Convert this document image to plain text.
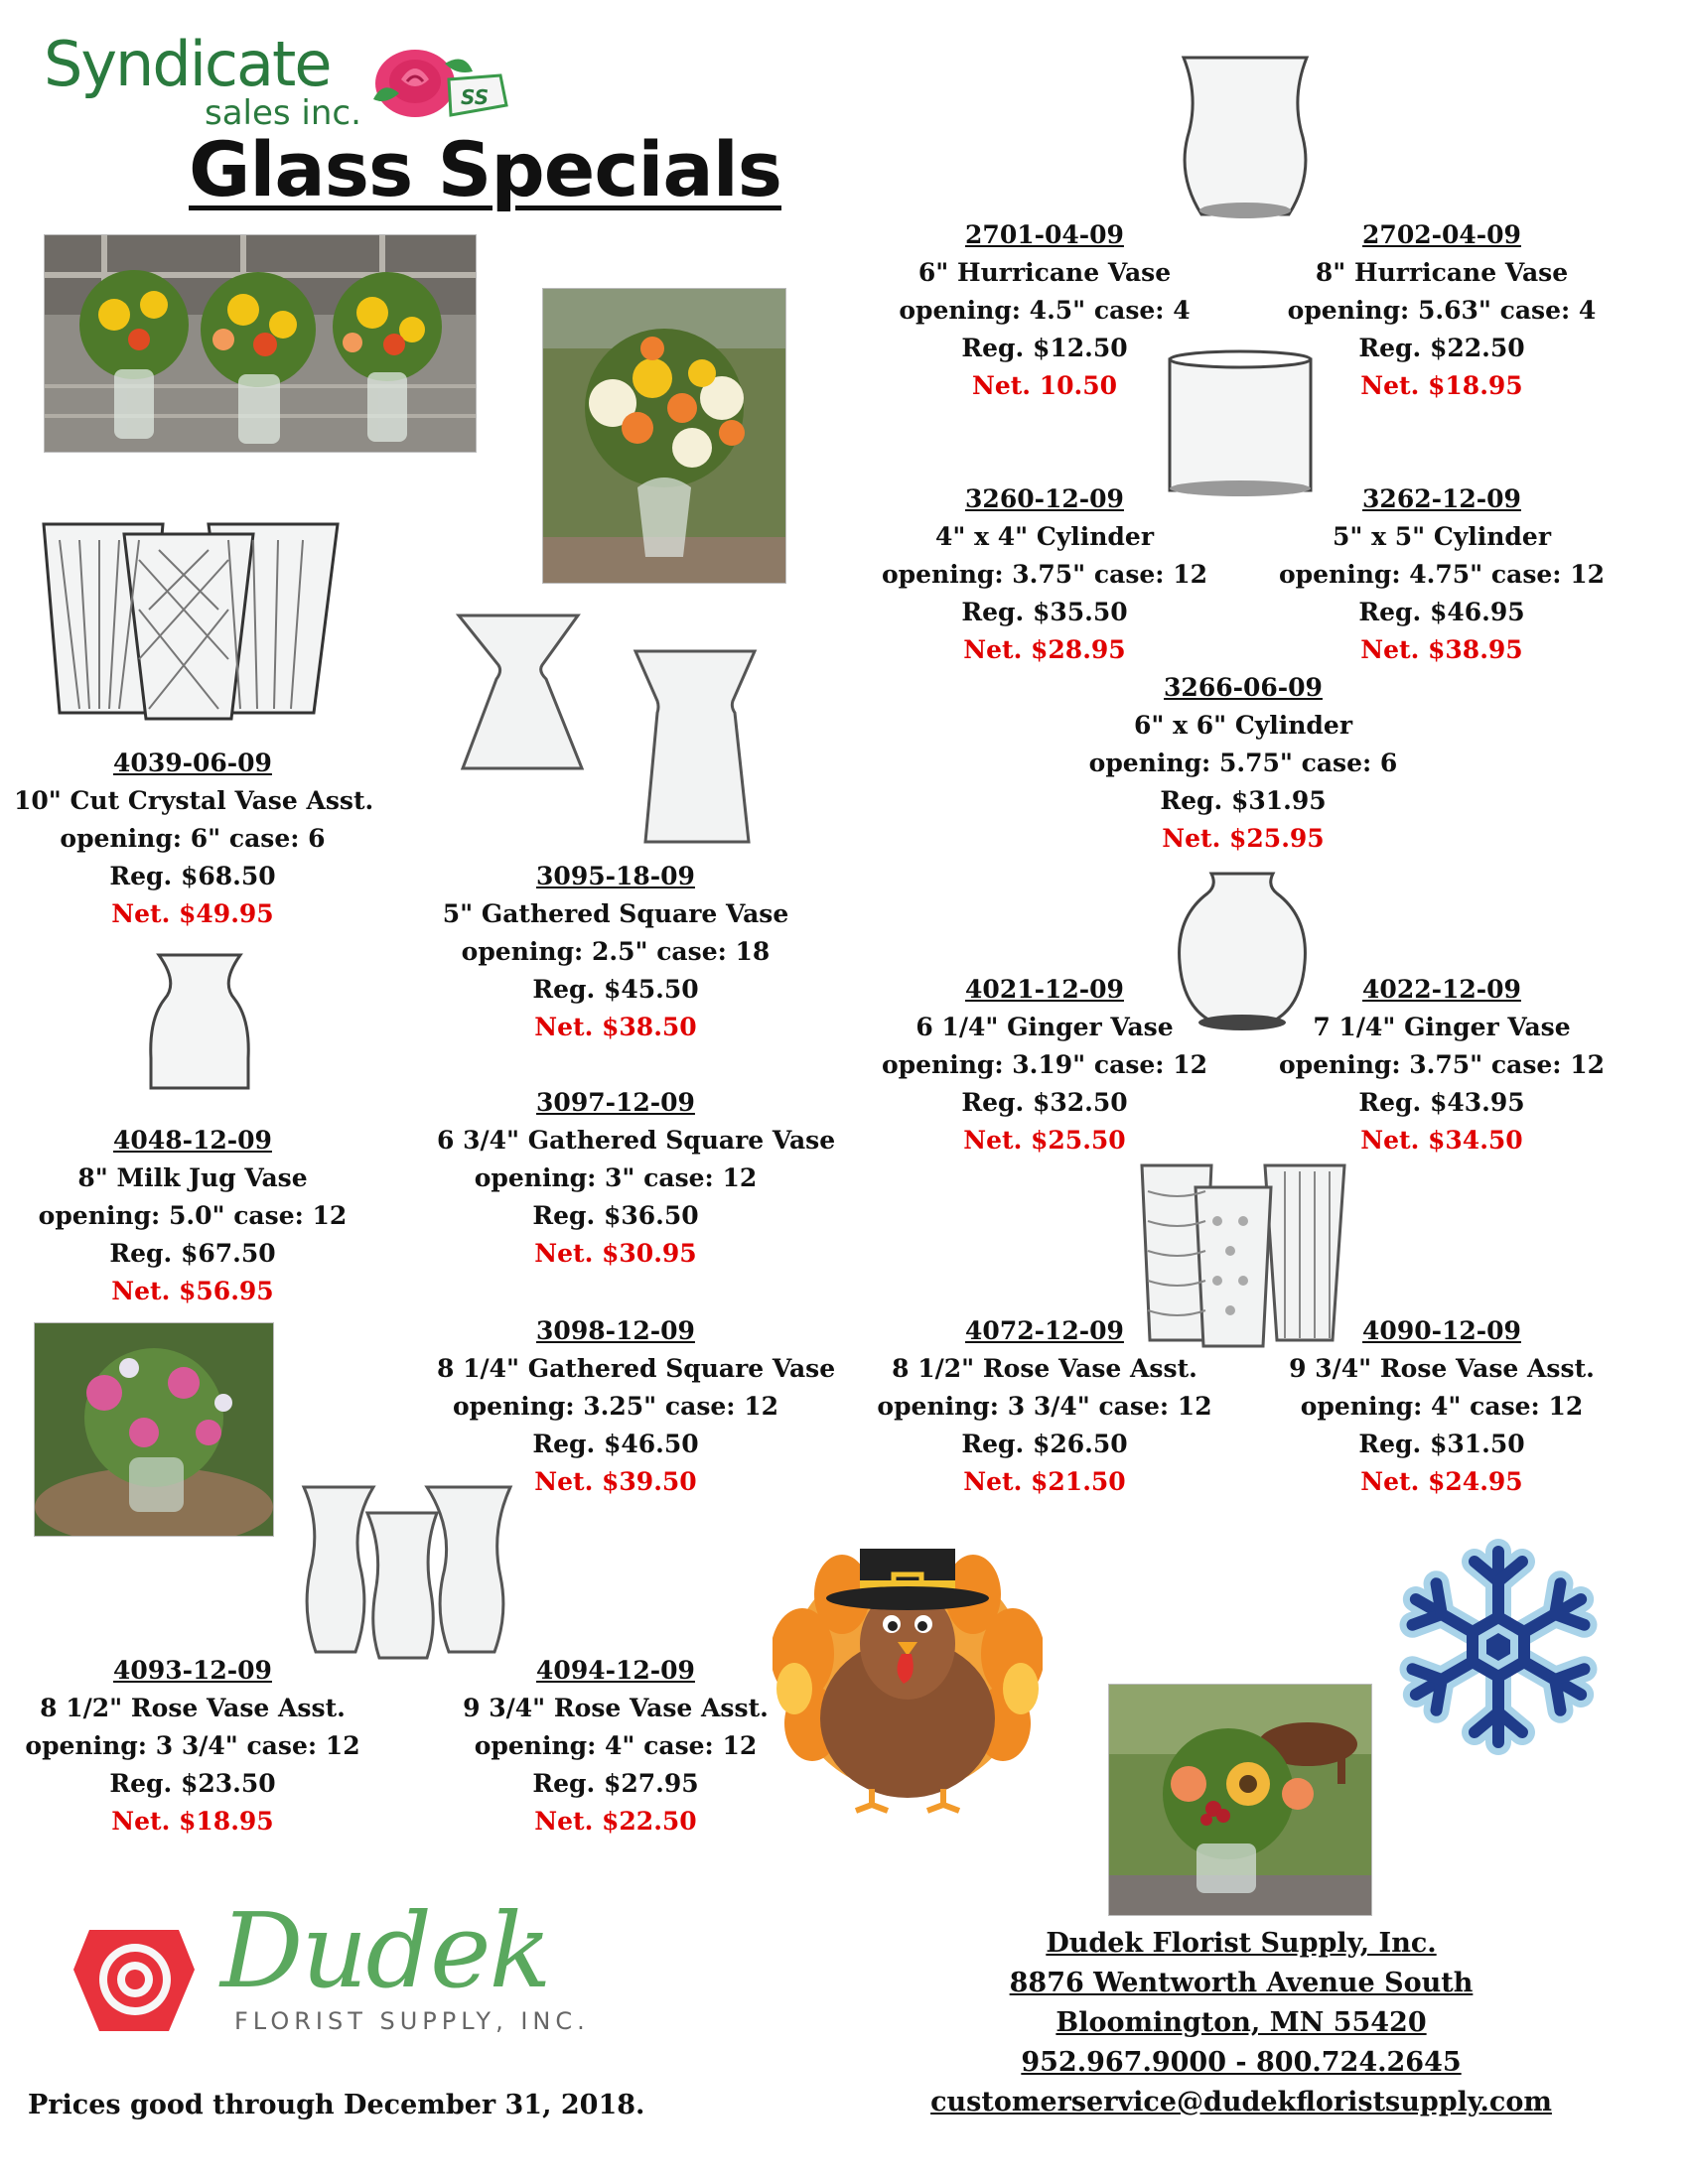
Syndicate
sales inc.	SS
Glass Specials
2701-04-09
6" Hurricane Vase
opening: 4.5" case: 4
Reg. $12.50
Net. 10.50
2702-04-09
8" Hurricane Vase
opening: 5.63" case: 4
Reg. $22.50
Net. $18.95
3260-12-09
4" x 4" Cylinder
opening: 3.75" case: 12
Reg. $35.50
Net. $28.95
3262-12-09
5" x 5" Cylinder
opening: 4.75" case: 12
Reg. $46.95
Net. $38.95
3266-06-09
6" x 6" Cylinder
opening: 5.75" case: 6
Reg. $31.95
Net. $25.95
4039-06-09
10" Cut Crystal Vase Asst.
opening: 6" case: 6
Reg. $68.50
Net. $49.95
3095-18-09
5" Gathered Square Vase
opening: 2.5" case: 18
Reg. $45.50
Net. $38.50
4021-12-09
6 1/4" Ginger Vase
opening: 3.19" case: 12
Reg. $32.50
Net. $25.50
4022-12-09
7 1/4" Ginger Vase
opening: 3.75" case: 12
Reg. $43.95
Net. $34.50
4048-12-09
8" Milk Jug Vase
opening: 5.0" case: 12
Reg. $67.50
Net. $56.95
3097-12-09
6 3/4" Gathered Square Vase
opening: 3" case: 12
Reg. $36.50
Net. $30.95
3098-12-09
8 1/4" Gathered Square Vase
opening: 3.25" case: 12
Reg. $46.50
Net. $39.50
4072-12-09
8 1/2" Rose Vase Asst.
opening: 3 3/4" case: 12
Reg. $26.50
Net. $21.50
4090-12-09
9 3/4" Rose Vase Asst.
opening: 4" case: 12
Reg. $31.50
Net. $24.95
4093-12-09
8 1/2" Rose Vase Asst.
opening: 3 3/4" case: 12
Reg. $23.50
Net. $18.95
4094-12-09
9 3/4" Rose Vase Asst.
opening: 4" case: 12
Reg. $27.95
Net. $22.50
Dudek
FLORIST SUPPLY, INC.
Dudek Florist Supply, Inc.
8876 Wentworth Avenue South
Bloomington, MN 55420
952.967.9000 - 800.724.2645
customerservice@dudekfloristsupply.com
Prices good through December 31, 2018.
